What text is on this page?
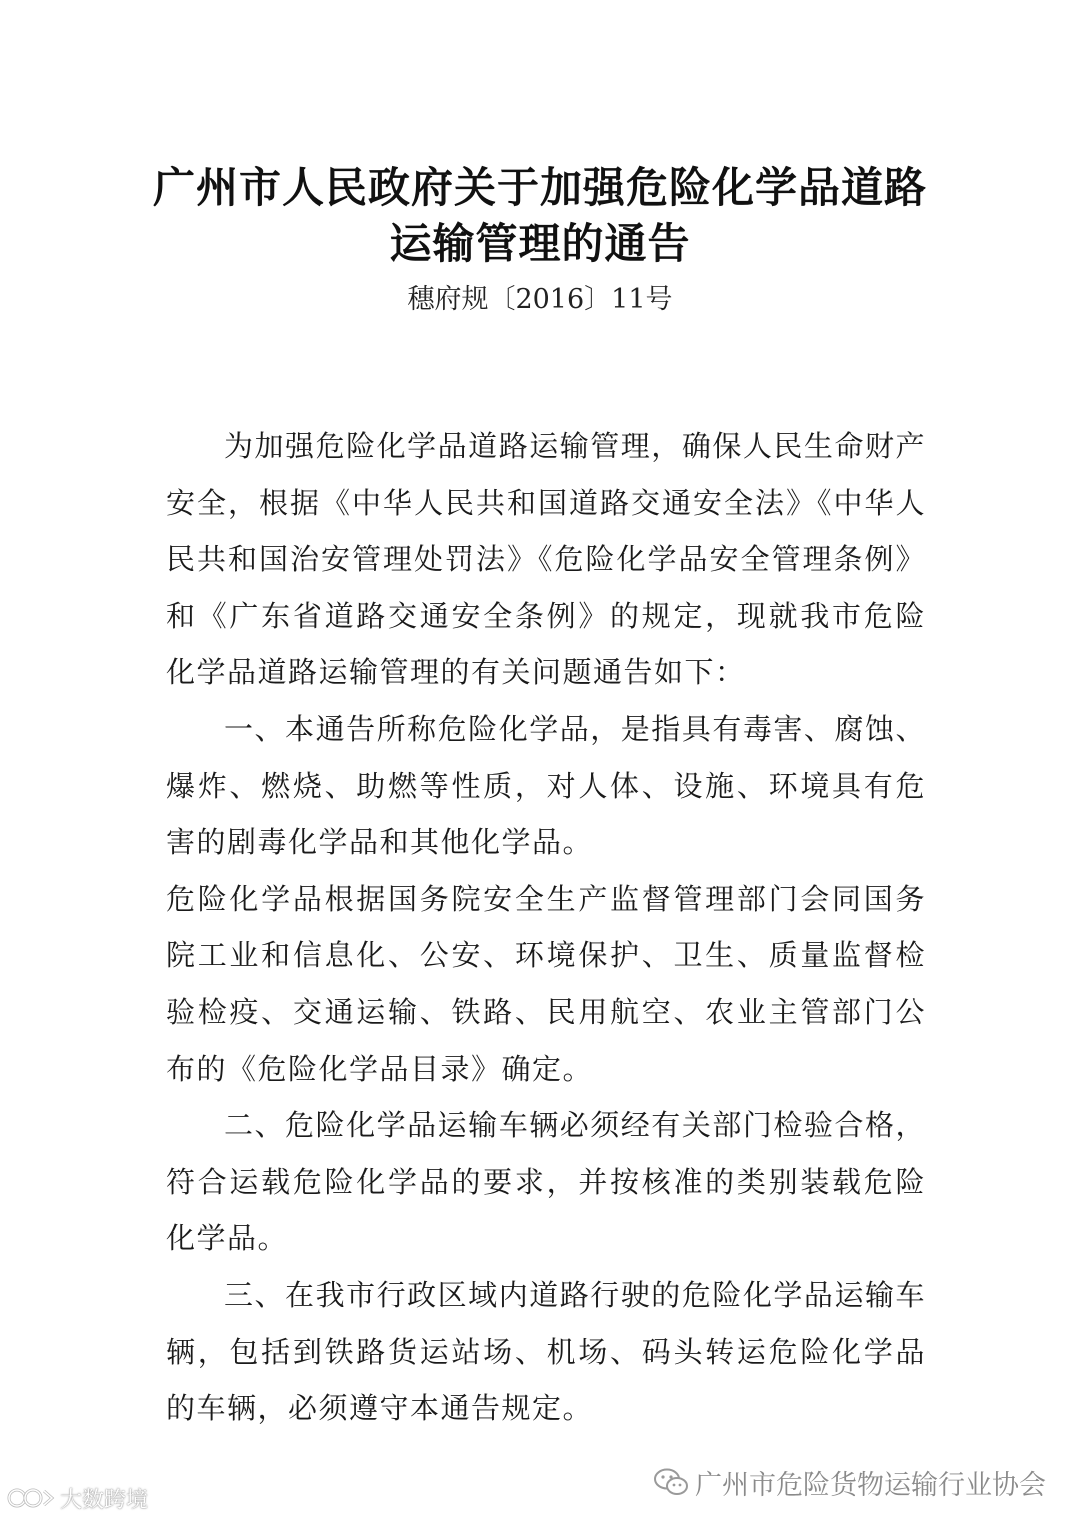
广州市人民政府关于加强危险化学品道路
运输管理的通告
穗府规〔2016〕11号

为加强危险化学品道路运输管理，确保人民生命财产安全，根据《中华人民共和国道路交通安全法》《中华人民共和国治安管理处罚法》《危险化学品安全管理条例》和《广东省道路交通安全条例》的规定，现就我市危险化学品道路运输管理的有关问题通告如下：

一、本通告所称危险化学品，是指具有毒害、腐蚀、爆炸、燃烧、助燃等性质，对人体、设施、环境具有危害的剧毒化学品和其他化学品。

危险化学品根据国务院安全生产监督管理部门会同国务院工业和信息化、公安、环境保护、卫生、质量监督检验检疫、交通运输、铁路、民用航空、农业主管部门公布的《危险化学品目录》确定。

二、危险化学品运输车辆必须经有关部门检验合格，符合运载危险化学品的要求，并按核准的类别装载危险化学品。

三、在我市行政区域内道路行驶的危险化学品运输车辆，包括到铁路货运站场、机场、码头转运危险化学品的车辆，必须遵守本通告规定。

广州市危险货物运输行业协会
大数跨境
